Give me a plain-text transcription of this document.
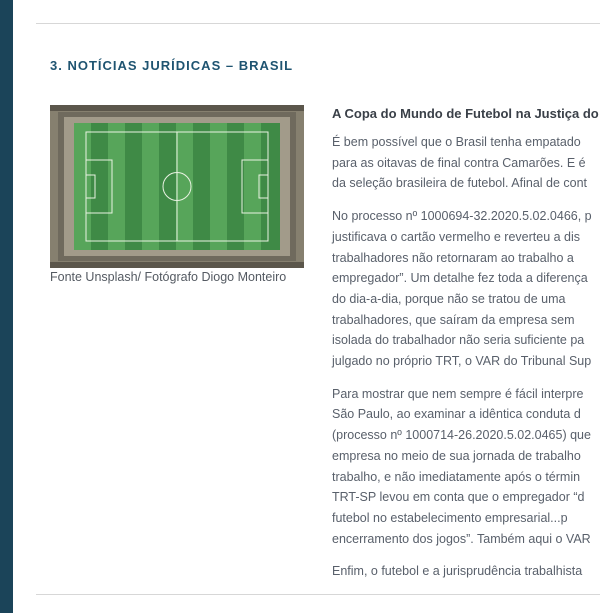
3. NOTÍCIAS JURÍDICAS – BRASIL
Fonte Unsplash/ Fotógrafo Diogo Monteiro
A Copa do Mundo de Futebol na Justiça do
É bem possível que o Brasil tenha empatado
para as oitavas de final contra Camarões. E é
da seleção brasileira de futebol. Afinal de cont
No processo nº 1000694-32.2020.5.02.0466, p
justificava o cartão vermelho e reverteu a dis
trabalhadores não retornaram ao trabalho a
empregador”. Um detalhe fez toda a diferença
do dia-a-dia, porque não se tratou de uma
trabalhadores, que saíram da empresa sem
isolada do trabalhador não seria suficiente pa
julgado no próprio TRT, o VAR do Tribunal Sup
Para mostrar que nem sempre é fácil interpre
São Paulo, ao examinar a idêntica conduta d
(processo nº 1000714-26.2020.5.02.0465) que
empresa no meio de sua jornada de trabalho
trabalho, e não imediatamente após o términ
TRT-SP levou em conta que o empregador “d
futebol no estabelecimento empresarial...p
encerramento dos jogos”. Também aqui o VAR
Enfim, o futebol e a jurisprudência trabalhista
